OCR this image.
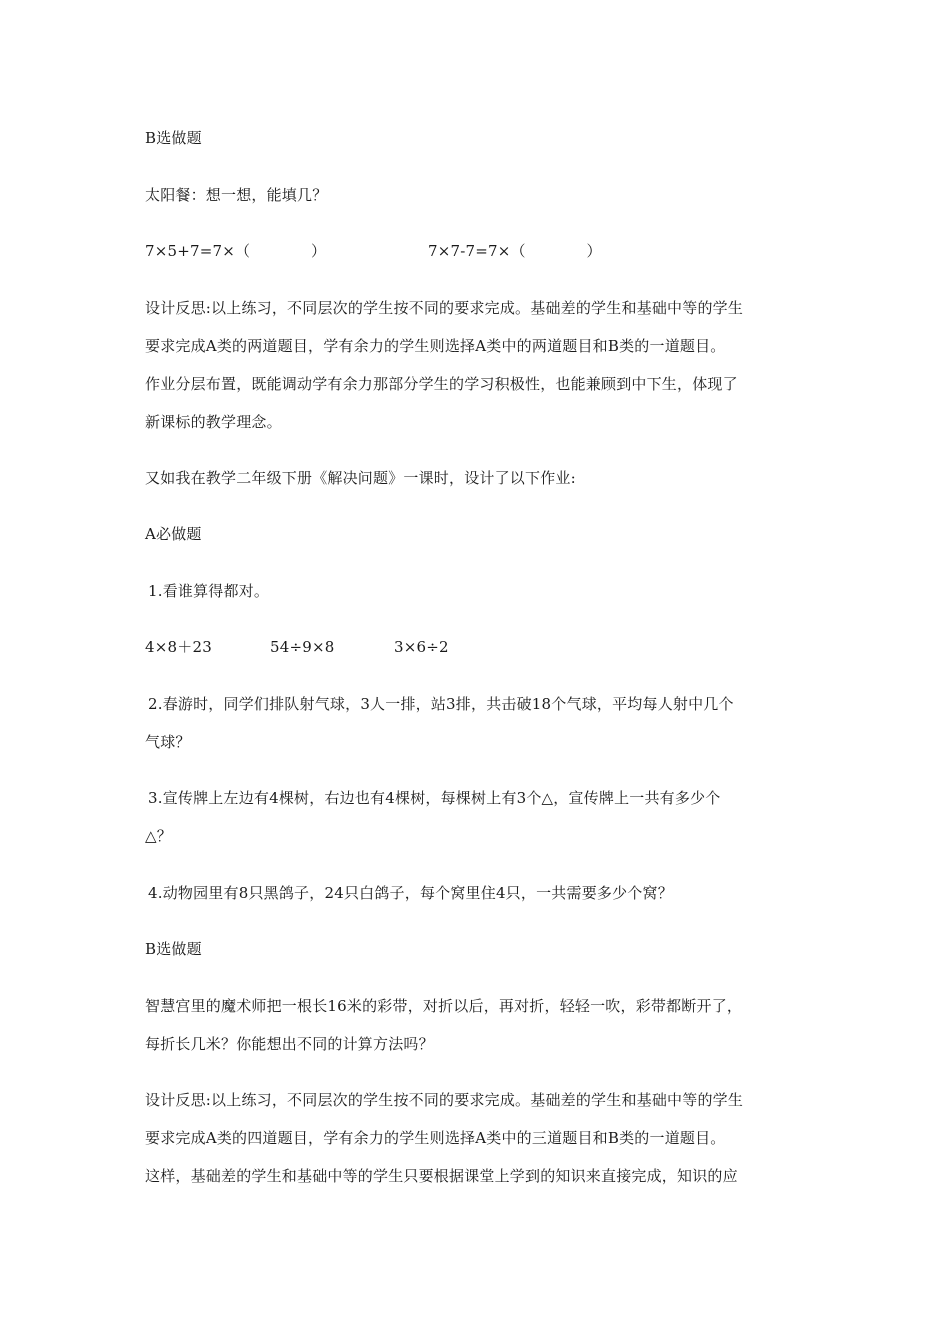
B选做题
太阳餐：想一想，能填几？
7×5+7=7×（　　　　）	7×7-7=7×（　　　　）
设计反思:以上练习，不同层次的学生按不同的要求完成。基础差的学生和基础中等的学生
要求完成A类的两道题目，学有余力的学生则选择A类中的两道题目和B类的一道题目。
作业分层布置，既能调动学有余力那部分学生的学习积极性，也能兼顾到中下生，体现了
新课标的教学理念。
又如我在教学二年级下册《解决问题》一课时，设计了以下作业:
A必做题
1.看谁算得都对。
4×8＋23	54÷9×8	3×6÷2
2.春游时，同学们排队射气球，3人一排，站3排，共击破18个气球，平均每人射中几个
气球？
3.宣传牌上左边有4棵树，右边也有4棵树，每棵树上有3个△，宣传牌上一共有多少个
△？
4.动物园里有8只黑鸽子，24只白鸽子，每个窝里住4只，一共需要多少个窝？
B选做题
智慧宫里的魔术师把一根长16米的彩带，对折以后，再对折，轻轻一吹，彩带都断开了，
每折长几米？你能想出不同的计算方法吗？
设计反思:以上练习，不同层次的学生按不同的要求完成。基础差的学生和基础中等的学生
要求完成A类的四道题目，学有余力的学生则选择A类中的三道题目和B类的一道题目。
这样，基础差的学生和基础中等的学生只要根据课堂上学到的知识来直接完成，知识的应
